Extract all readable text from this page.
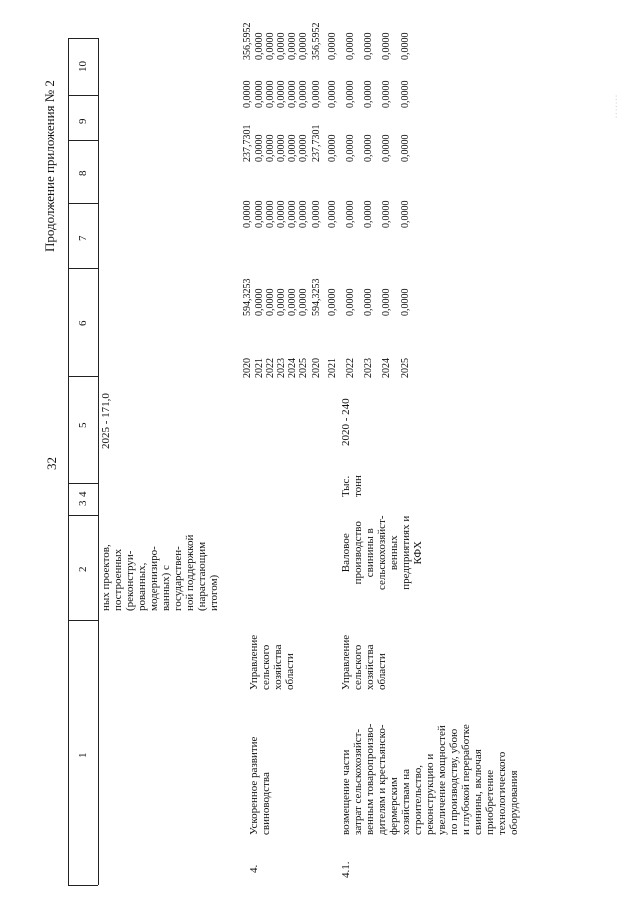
32
Продолжение приложения № 2
1
2
3
4
5
6
7
8
9
10
ных проектов,
построенных
(реконструи-
рованных,
модернизиро-
ванных) с
государствен-
ной поддержкой
(нарастающим
итогом)
2025 - 171,0
4.
Ускоренное развитие
свиноводства
Управление
сельского
хозяйства
области
4.1.
возмещение части
затрат сельскохозяйст-
венным товаропроизво-
дителям и крестьянско-
фермерским
хозяйствам на
строительство,
реконструкцию и
увеличение мощностей
по производству, убою
и глубокой переработке
свинины, включая
приобретение
технологического
оборудования
Управление
сельского
хозяйства
области
Валовое
производство
свинины в
сельскохозяйст-
венных
предприятиях и
КФХ
Тыс.
тонн
2020 - 240
· · · · · · ·
2020 2021 2022 2023 2024 2025
594,3253 0,0000 0,0000 0,0000 0,0000 0,0000
0,0000 0,0000 0,0000 0,0000 0,0000 0,0000
237,7301 0,0000 0,0000 0,0000 0,0000 0,0000
0,0000 0,0000 0,0000 0,0000 0,0000 0,0000
356,5952 0,0000 0,0000 0,0000 0,0000 0,0000
2020 2021 2022 2023 2024 2025
594,3253 0,0000 0,0000 0,0000 0,0000 0,0000
0,0000 0,0000 0,0000 0,0000 0,0000 0,0000
237,7301 0,0000 0,0000 0,0000 0,0000 0,0000
0,0000 0,0000 0,0000 0,0000 0,0000 0,0000
356,5952 0,0000 0,0000 0,0000 0,0000 0,0000
